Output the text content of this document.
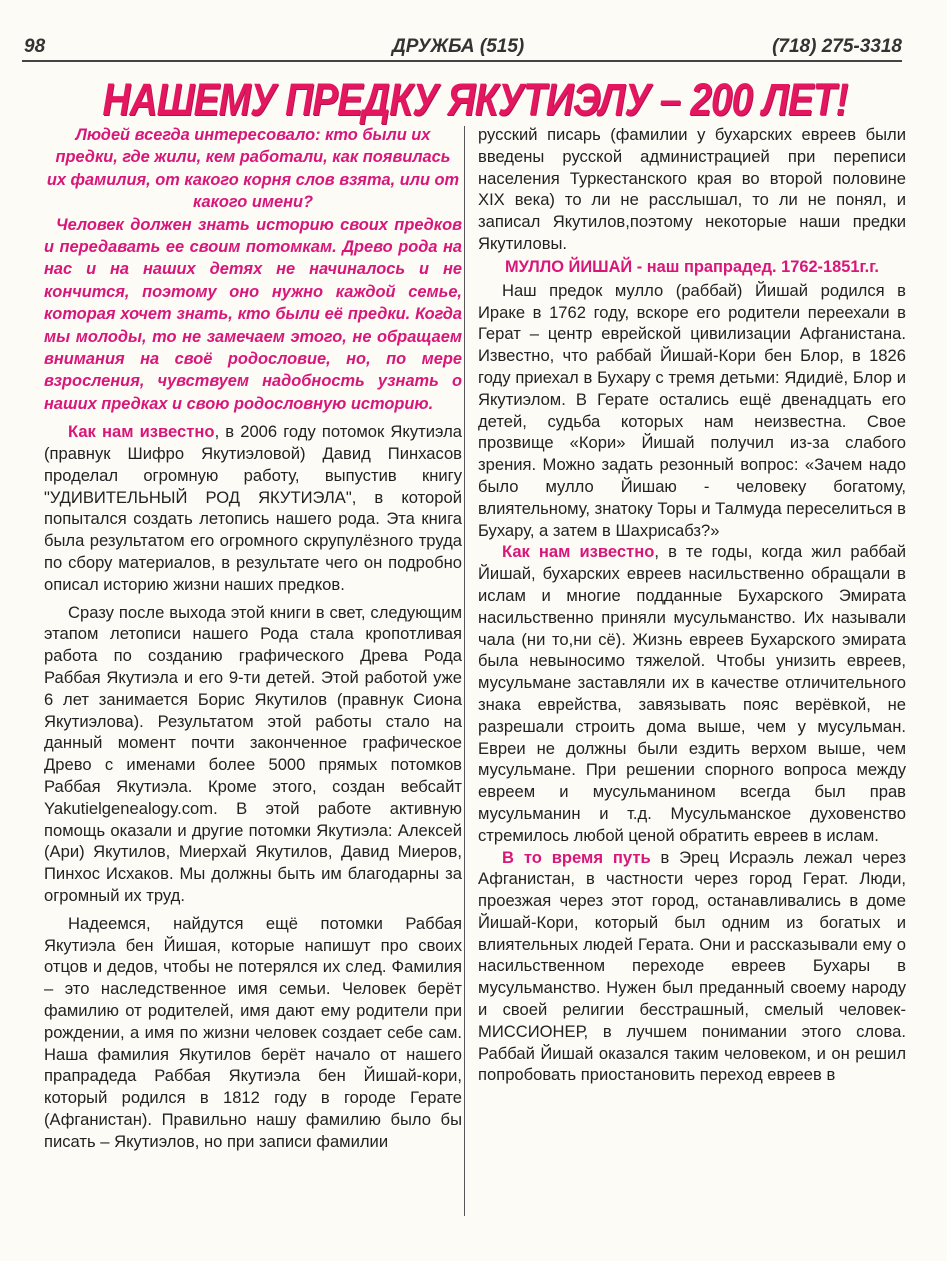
98	ДРУЖБА (515)	(718) 275-3318
НАШЕМУ ПРЕДКУ ЯКУТИЭЛУ – 200 ЛЕТ!

Людей всегда интересовало: кто были их предки, где жили, кем работали, как появилась их фамилия, от какого корня слов взята, или от какого имени?

Человек должен знать историю своих предков и передавать ее своим потомкам. Древо рода на нас и на наших детях не начиналось и не кончится, поэтому оно нужно каждой семье, которая хочет знать, кто были её предки. Когда мы молоды, то не замечаем этого, не обращаем внимания на своё родословие, но, по мере взросления, чувствуем надобность узнать о наших предках и свою родословную историю.

Как нам известно, в 2006 году потомок Якутиэла (правнук Шифро Якутиэловой) Давид Пинхасов проделал огромную работу, выпустив книгу "УДИВИТЕЛЬНЫЙ РОД ЯКУТИЭЛА", в которой попытался создать летопись нашего рода. Эта книга была результатом его огромного скрупулёзного труда по сбору материалов, в результате чего он подробно описал историю жизни наших предков.

Сразу после выхода этой книги в свет, следующим этапом летописи нашего Рода стала кропотливая работа по созданию графического Древа Рода Раббая Якутиэла и его 9-ти детей. Этой работой уже 6 лет занимается Борис Якутилов (правнук Сиона Якутиэлова). Результатом этой работы стало на данный момент почти законченное графическое Древо с именами более 5000 прямых потомков Раббая Якутиэла. Кроме этого, создан вебсайт Yakutielgenealogy.com. В этой работе активную помощь оказали и другие потомки Якутиэла: Алексей (Ари) Якутилов, Миерхай Якутилов, Давид Миеров, Пинхос Исхаков. Мы должны быть им благодарны за огромный их труд.

Надеемся, найдутся ещё потомки Раббая Якутиэла бен Йишая, которые напишут про своих отцов и дедов, чтобы не потерялся их след. Фамилия – это наследственное имя семьи. Человек берёт фамилию от родителей, имя дают ему родители при рождении, а имя по жизни человек создает себе сам. Наша фамилия Якутилов берёт начало от нашего прапрадеда Раббая Якутиэла бен Йишай-кори, который родился в 1812 году в городе Герате (Афганистан). Правильно нашу фамилию было бы писать – Якутиэлов, но при записи фамилии

русский писарь (фамилии у бухарских евреев были введены русской администрацией при переписи населения Туркестанского края во второй половине XIX века) то ли не расслышал, то ли не понял, и записал Якутилов,поэтому некоторые наши предки Якутиловы.

МУЛЛО ЙИШАЙ - наш прапрадед. 1762-1851г.г.

Наш предок мулло (раббай) Йишай родился в Ираке в 1762 году, вскоре его родители переехали в Герат – центр еврейской цивилизации Афганистана. Известно, что раббай Йишай-Кори бен Блор, в 1826 году приехал в Бухару с тремя детьми: Ядидиё, Блор и Якутиэлом. В Герате остались ещё двенадцать его детей, судьба которых нам неизвестна. Свое прозвище «Кори» Йишай получил из-за слабого зрения. Можно задать резонный вопрос: «Зачем надо было мулло Йишаю - человеку богатому, влиятельному, знатоку Торы и Талмуда переселиться в Бухару, а затем в Шахрисабз?»

Как нам известно, в те годы, когда жил раббай Йишай, бухарских евреев насильственно обращали в ислам и многие подданные Бухарского Эмирата насильственно приняли мусульманство. Их называли чала (ни то,ни сё). Жизнь евреев Бухарского эмирата была невыносимо тяжелой. Чтобы унизить евреев, мусульмане заставляли их в качестве отличительного знака еврейства, завязывать пояс верёвкой, не разрешали строить дома выше, чем у мусульман. Евреи не должны были ездить верхом выше, чем мусульмане. При решении спорного вопроса между евреем и мусульманином всегда был прав мусульманин и т.д. Мусульманское духовенство стремилось любой ценой обратить евреев в ислам.

В то время путь в Эрец Исраэль лежал через Афганистан, в частности через город Герат. Люди, проезжая через этот город, останавливались в доме Йишай-Кори, который был одним из богатых и влиятельных людей Герата. Они и рассказывали ему о насильственном переходе евреев Бухары в мусульманство. Нужен был преданный своему народу и своей религии бесстрашный, смелый человек-МИССИОНЕР, в лучшем понимании этого слова. Раббай Йишай оказался таким человеком, и он решил попробовать приостановить переход евреев в
